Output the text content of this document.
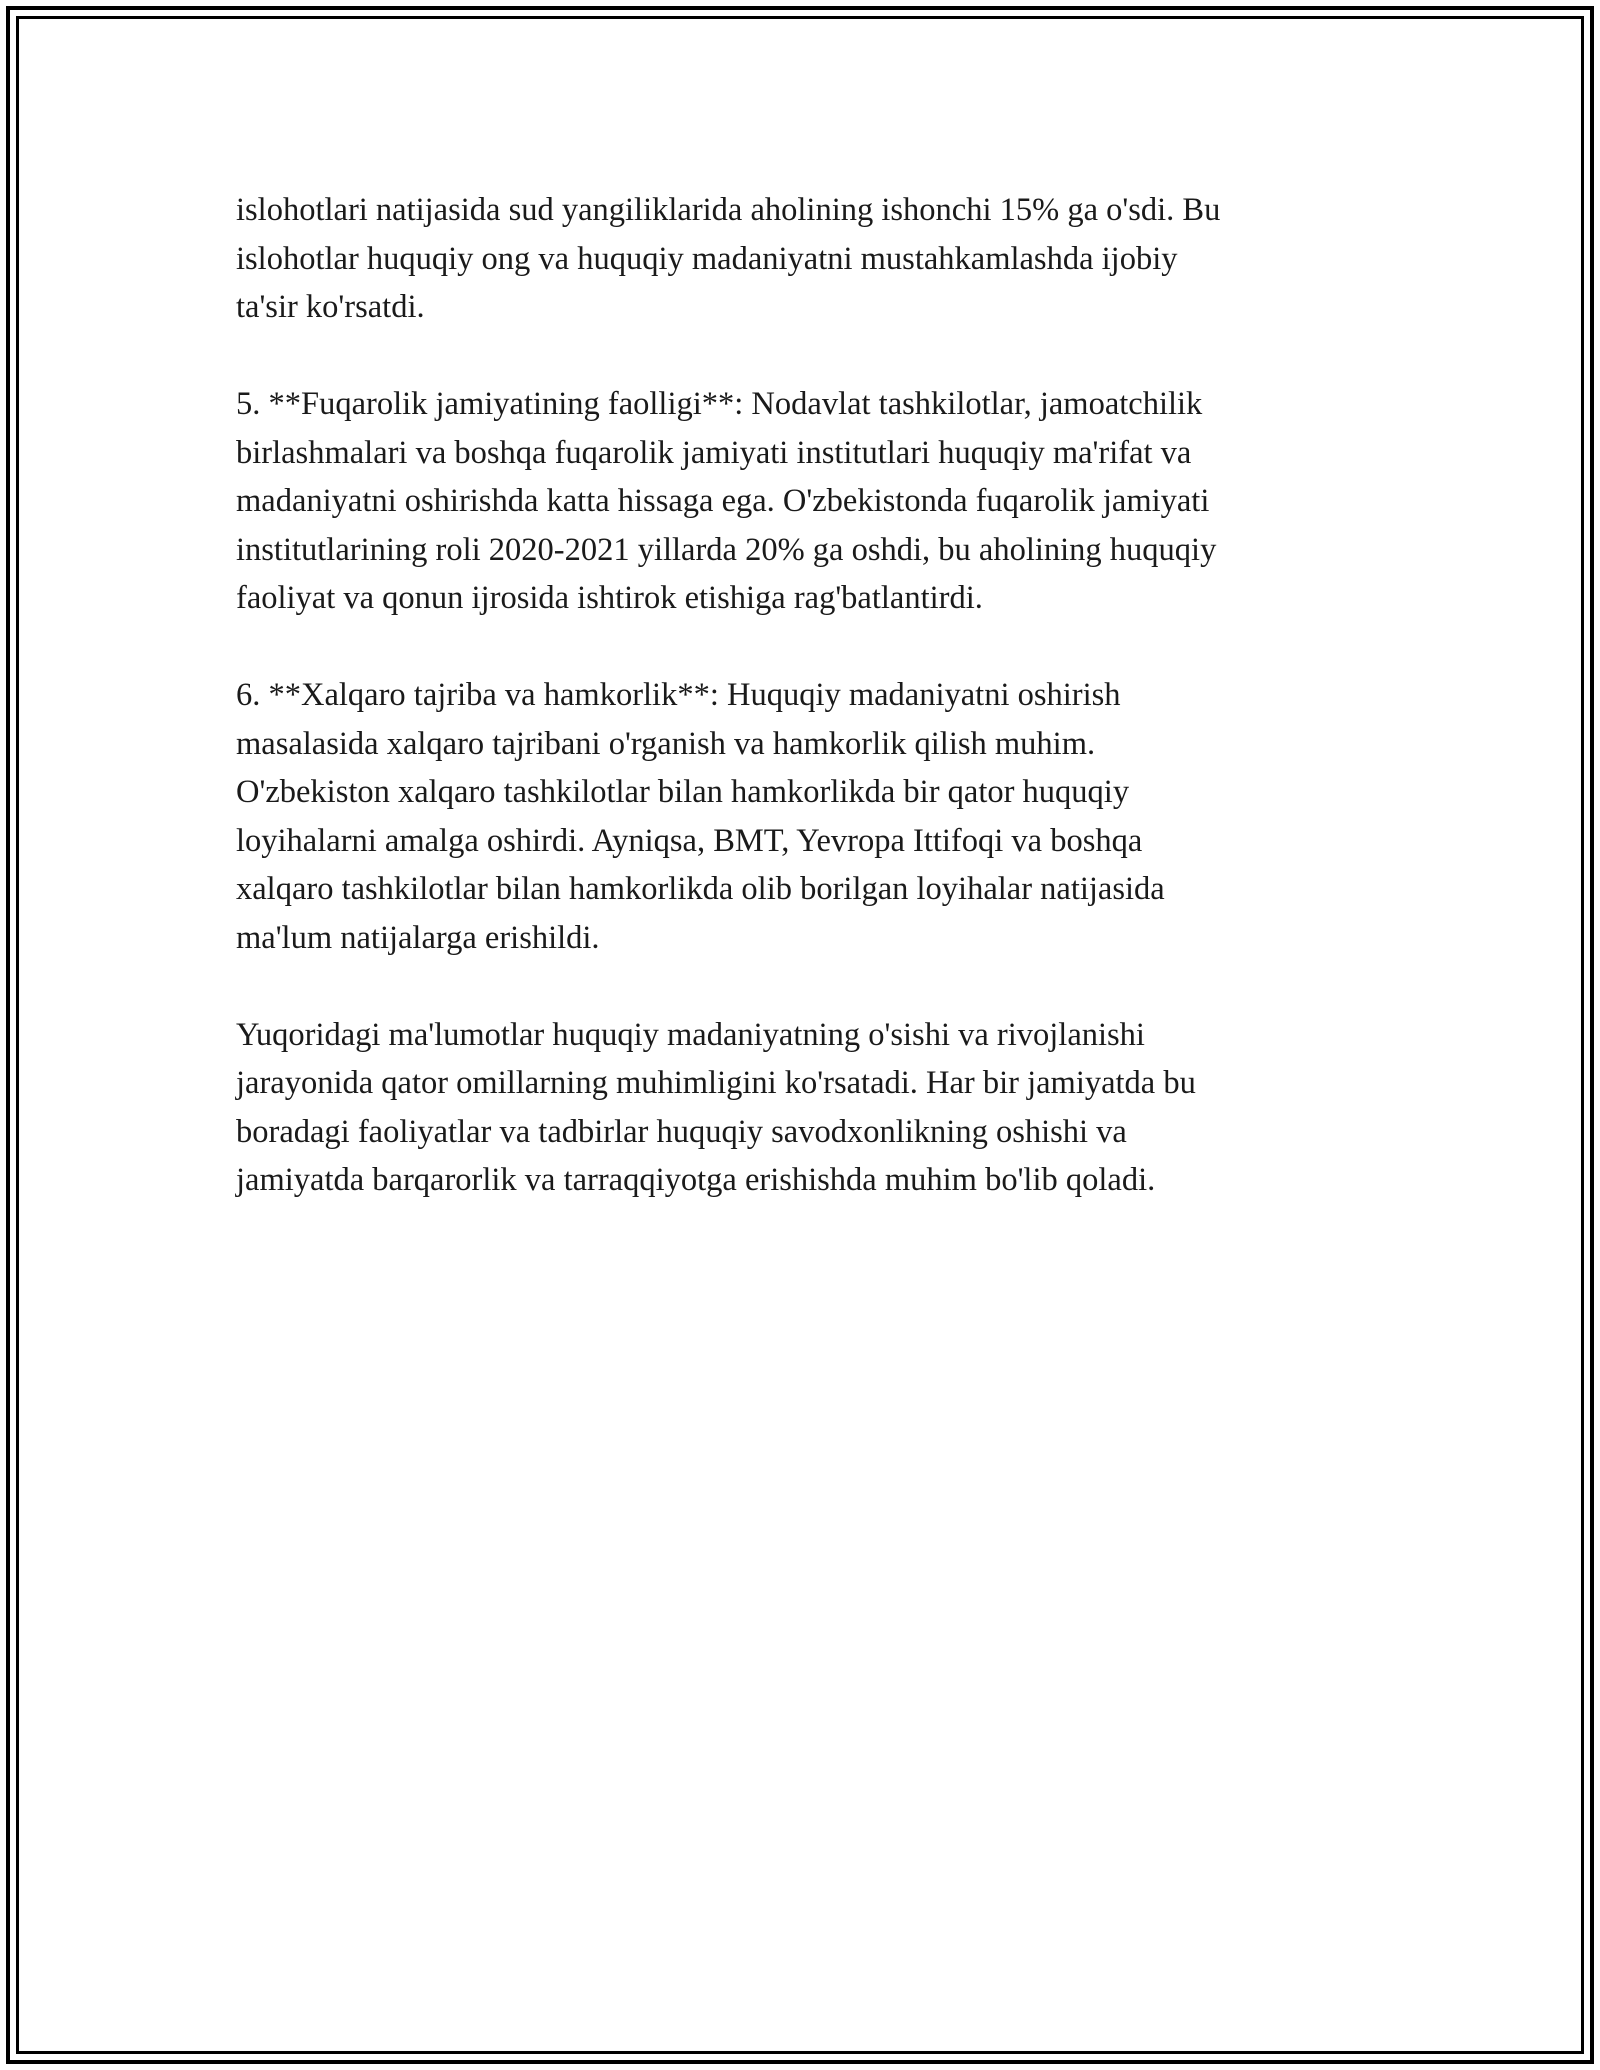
islohotlari natijasida sud yangiliklarida aholining ishonchi 15% ga o'sdi. Bu
islohotlar huquqiy ong va huquqiy madaniyatni mustahkamlashda ijobiy
ta'sir ko'rsatdi.

5. **Fuqarolik jamiyatining faolligi**: Nodavlat tashkilotlar, jamoatchilik
birlashmalari va boshqa fuqarolik jamiyati institutlari huquqiy ma'rifat va
madaniyatni oshirishda katta hissaga ega. O'zbekistonda fuqarolik jamiyati
institutlarining roli 2020-2021 yillarda 20% ga oshdi, bu aholining huquqiy
faoliyat va qonun ijrosida ishtirok etishiga rag'batlantirdi.

6. **Xalqaro tajriba va hamkorlik**: Huquqiy madaniyatni oshirish
masalasida xalqaro tajribani o'rganish va hamkorlik qilish muhim.
O'zbekiston xalqaro tashkilotlar bilan hamkorlikda bir qator huquqiy
loyihalarni amalga oshirdi. Ayniqsa, BMT, Yevropa Ittifoqi va boshqa
xalqaro tashkilotlar bilan hamkorlikda olib borilgan loyihalar natijasida
ma'lum natijalarga erishildi.

Yuqoridagi ma'lumotlar huquqiy madaniyatning o'sishi va rivojlanishi
jarayonida qator omillarning muhimligini ko'rsatadi. Har bir jamiyatda bu
boradagi faoliyatlar va tadbirlar huquqiy savodxonlikning oshishi va
jamiyatda barqarorlik va tarraqqiyotga erishishda muhim bo'lib qoladi.
